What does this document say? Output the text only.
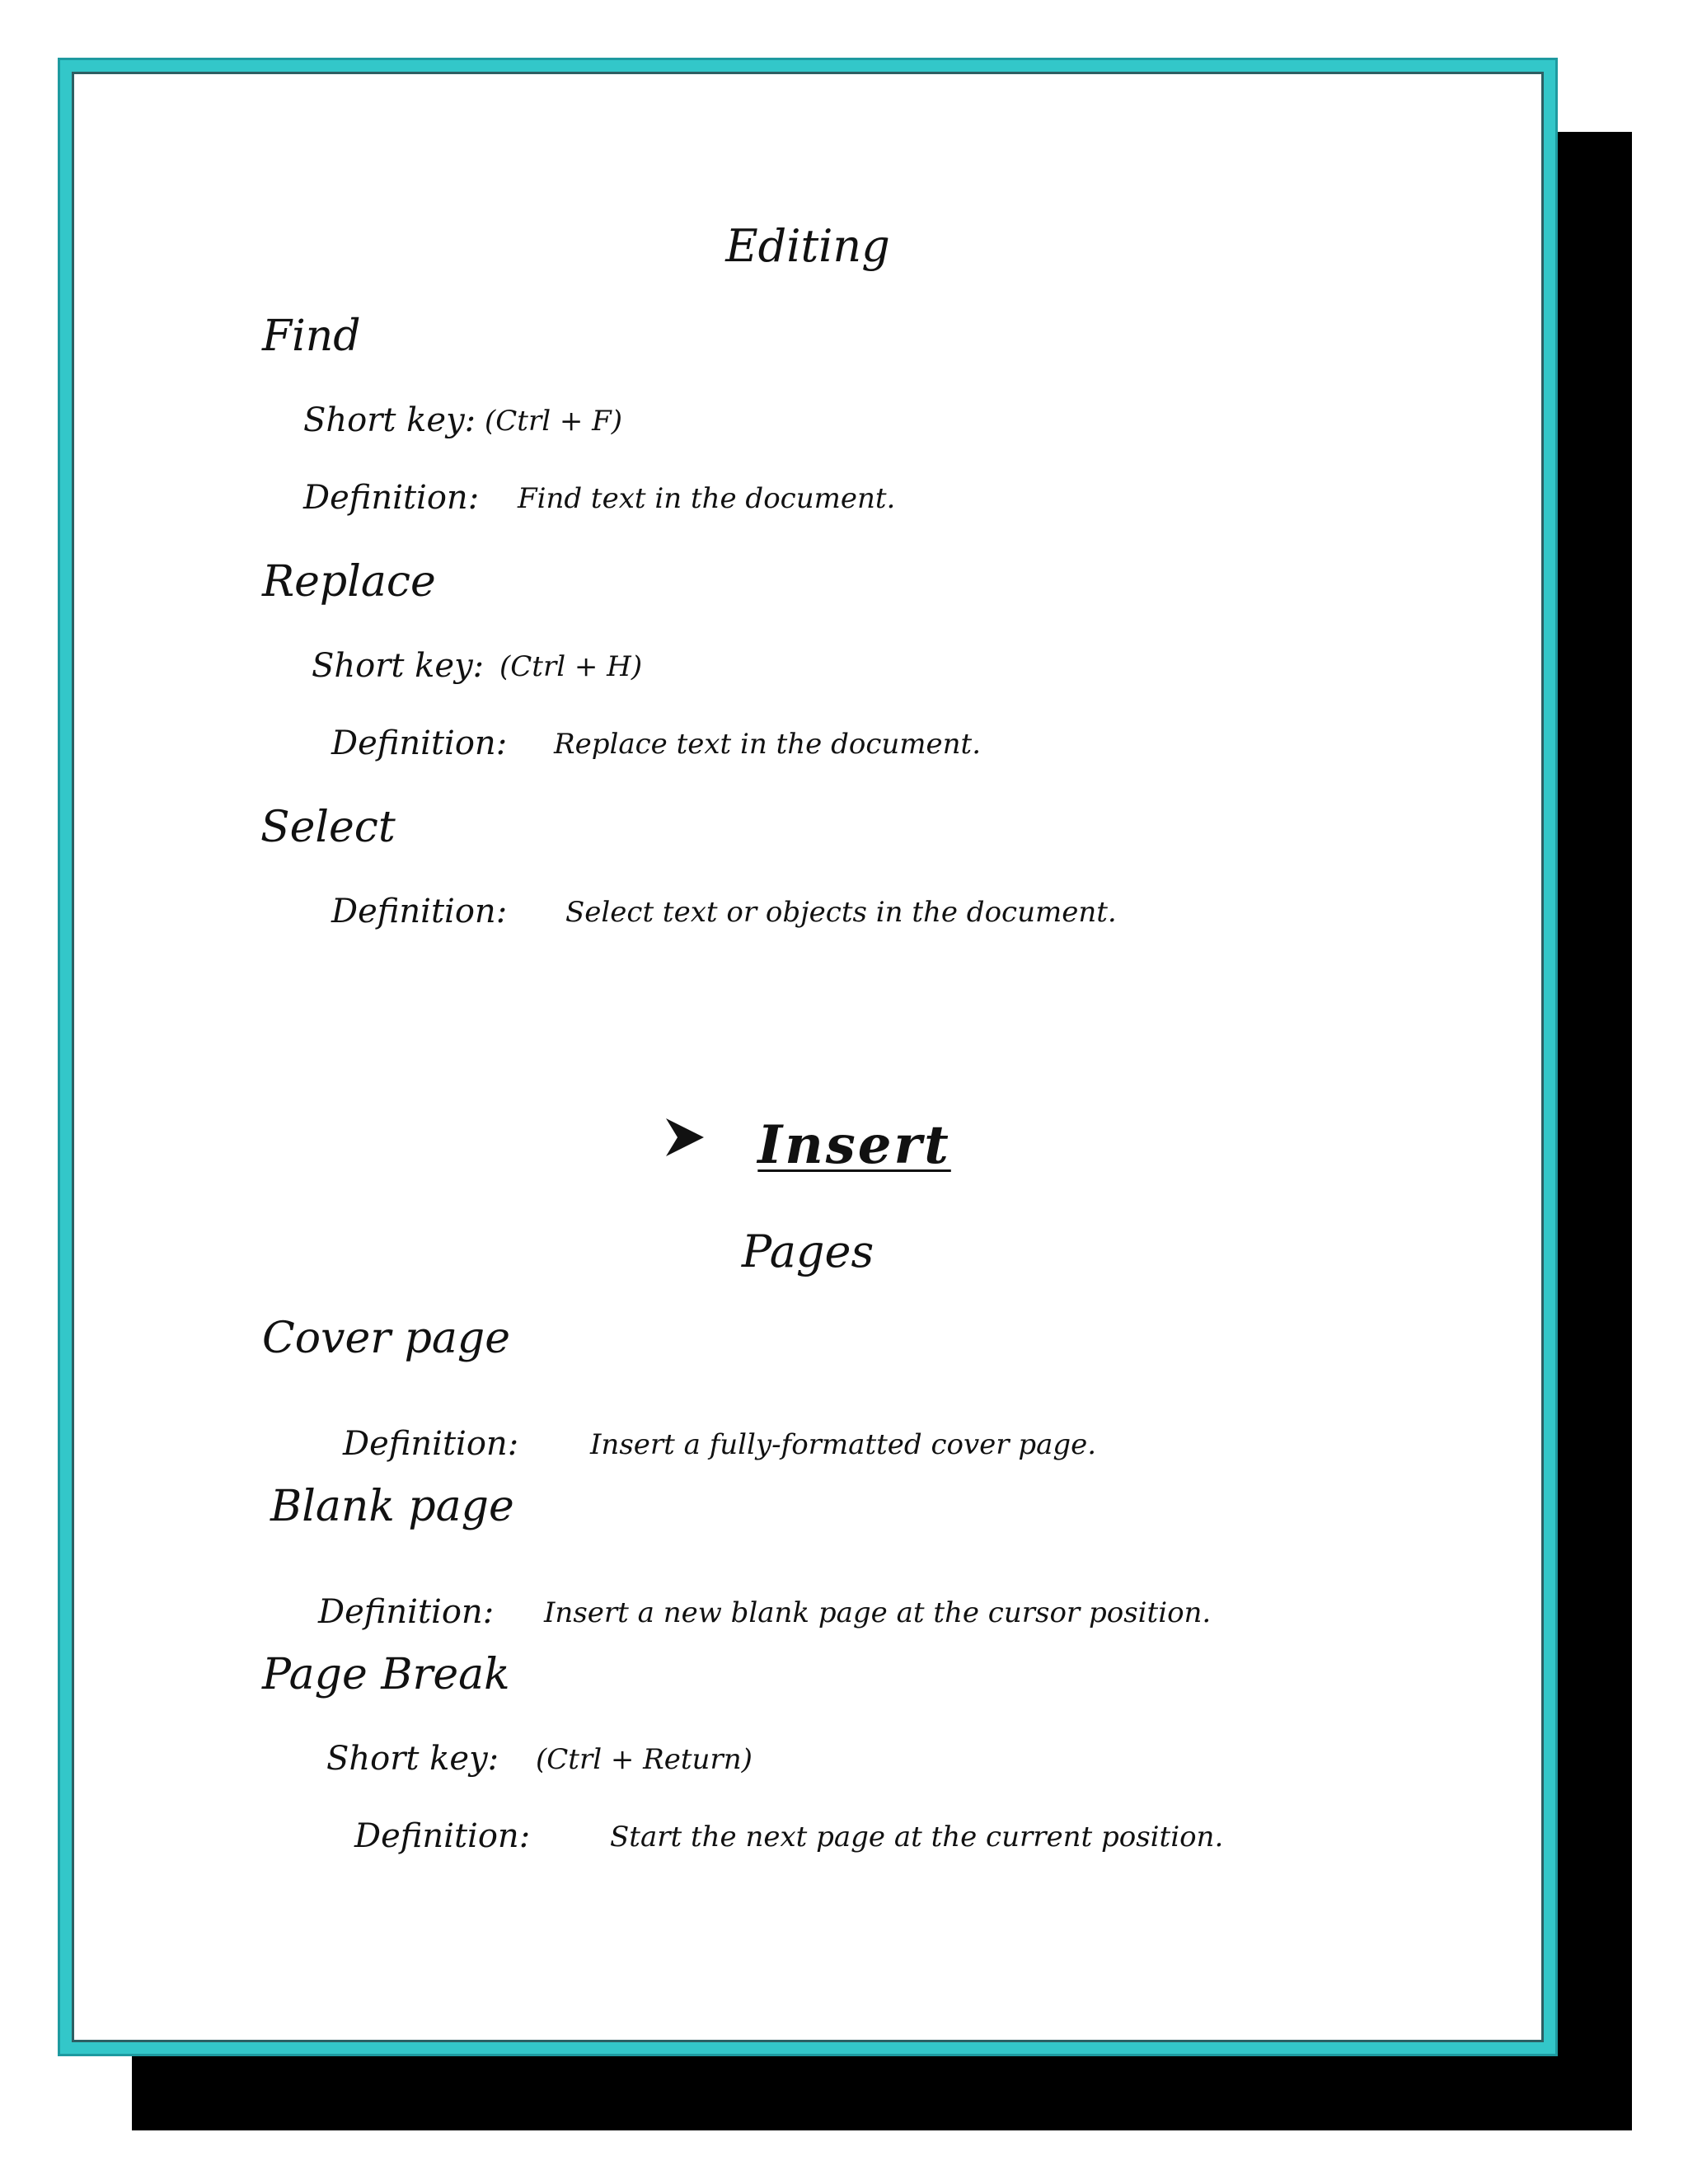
Editing
Find
Short key: (Ctrl + F)
Definition: Find text in the document.
Replace
Short key: (Ctrl + H)
Definition: Replace text in the document.
Select
Definition: Select text or objects in the document.
Insert
Pages
Cover page
Definition:	Insert a fully-formatted cover page.
Blank page
Definition: Insert a new blank page at the cursor position.
Page Break
Short key: (Ctrl + Return)
Definition:	Start the next page at the current position.
